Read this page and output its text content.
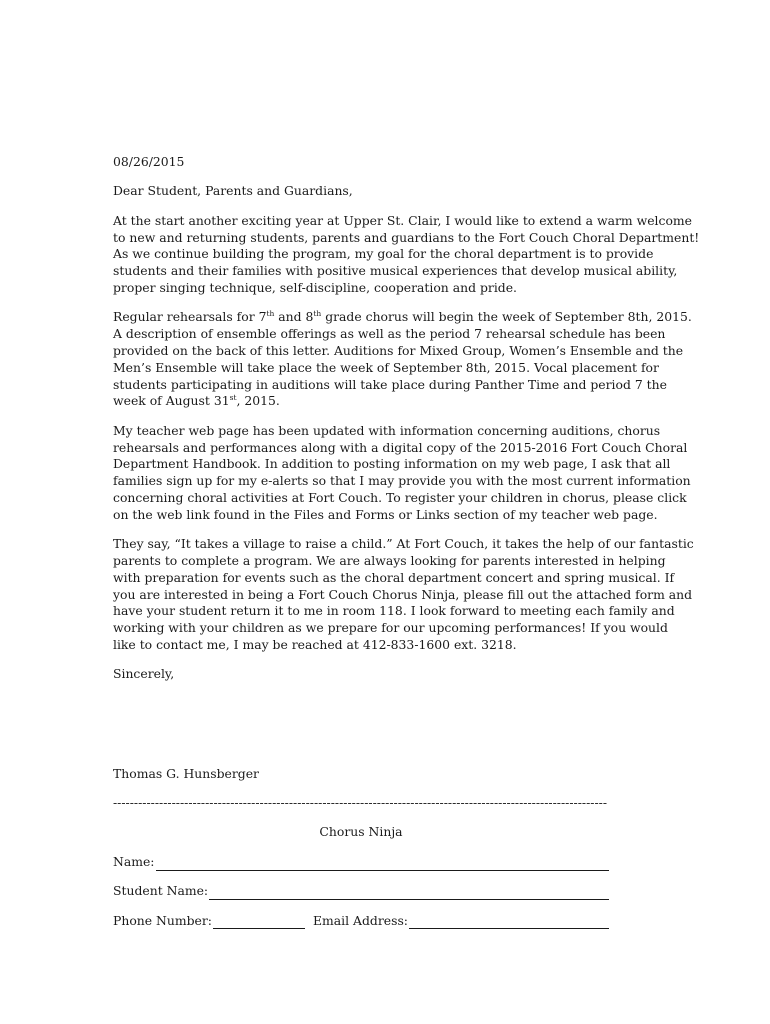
08/26/2015
Dear Student, Parents and Guardians,
At the start another exciting year at Upper St. Clair, I would like to extend a warm welcome
to new and returning students, parents and guardians to the Fort Couch Choral Department!
As we continue building the program, my goal for the choral department is to provide
students and their families with positive musical experiences that develop musical ability,
proper singing technique, self-discipline, cooperation and pride.
Regular rehearsals for 7th and 8th grade chorus will begin the week of September 8th, 2015.
A description of ensemble offerings as well as the period 7 rehearsal schedule has been
provided on the back of this letter. Auditions for Mixed Group, Women’s Ensemble and the
Men’s Ensemble will take place the week of September 8th, 2015. Vocal placement for
students participating in auditions will take place during Panther Time and period 7 the
week of August 31st, 2015.
My teacher web page has been updated with information concerning auditions, chorus
rehearsals and performances along with a digital copy of the 2015-2016 Fort Couch Choral
Department Handbook. In addition to posting information on my web page, I ask that all
families sign up for my e-alerts so that I may provide you with the most current information
concerning choral activities at Fort Couch. To register your children in chorus, please click
on the web link found in the Files and Forms or Links section of my teacher web page.
They say, “It takes a village to raise a child.” At Fort Couch, it takes the help of our fantastic
parents to complete a program. We are always looking for parents interested in helping
with preparation for events such as the choral department concert and spring musical. If
you are interested in being a Fort Couch Chorus Ninja, please fill out the attached form and
have your student return it to me in room 118. I look forward to meeting each family and
working with your children as we prepare for our upcoming performances! If you would
like to contact me, I may be reached at 412-833-1600 ext. 3218.
Sincerely,
Thomas G. Hunsberger
----------------------------------------------------------------------------------------------------------------------
Chorus Ninja
Name:
Student Name:
Phone Number:	Email Address:
